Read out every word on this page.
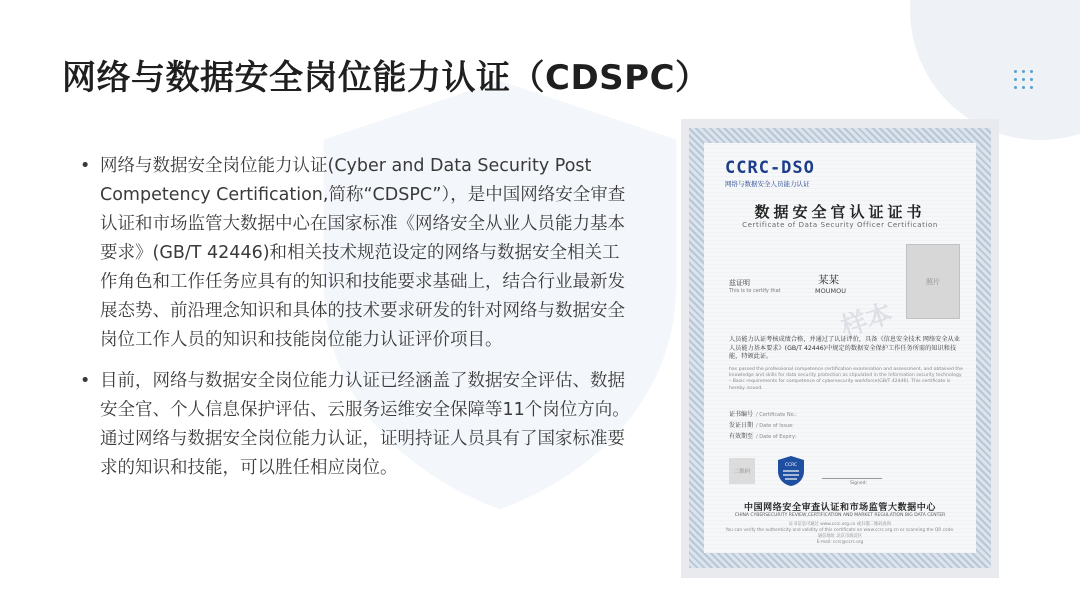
网络与数据安全岗位能力认证（CDSPC）

• 网络与数据安全岗位能力认证(Cyber and Data Security Post Competency Certification,简称“CDSPC”），是中国网络安全审查认证和市场监管大数据中心在国家标准《网络安全从业人员能力基本要求》(GB/T 42446)和相关技术规范设定的网络与数据安全相关工作角色和工作任务应具有的知识和技能要求基础上，结合行业最新发展态势、前沿理念知识和具体的技术要求研发的针对网络与数据安全岗位工作人员的知识和技能岗位能力认证评价项目。

• 目前，网络与数据安全岗位能力认证已经涵盖了数据安全评估、数据安全官、个人信息保护评估、云服务运维安全保障等11个岗位方向。通过网络与数据安全岗位能力认证，证明持证人员具有了国家标准要求的知识和技能，可以胜任相应岗位。

CCRC-DSO
网络与数据安全人员能力认证
数据安全官认证证书
Certificate of Data Security Officer Certification
兹证明
This is to certify that
某某
MOUMOU
照片
样本
人员能力认证考核成绩合格，并通过了认证评价，具备《信息安全技术 网络安全从业人员能力基本要求》(GB/T 42446)中规定的数据安全保护工作任务所需的知识和技能，特颁此证。
has passed the professional competence certification examination and assessment, and obtained the knowledge and skills for data security protection as stipulated in the Information security technology – Basic requirements for competence of cybersecurity workforce(GB/T 42446). This certificate is hereby issued.
证书编号 / Certificate No.:
发证日期 / Date of Issue:
有效期至 / Date of Expiry:
二维码
CCRC
Signed:
中国网络安全审查认证和市场监管大数据中心
CHINA CYBERSECURITY REVIEW,CERTIFICATION AND MARKET REGULATION BIG DATA CENTER
证书信息可通过 www.ccrc.org.cn 或扫描二维码查询
You can verify the authenticity and validity of this certificate on www.ccrc.org.cn or scanning the QR code.
通信地址 北京市海淀区
E-mail: ccrc@ccrc.org
